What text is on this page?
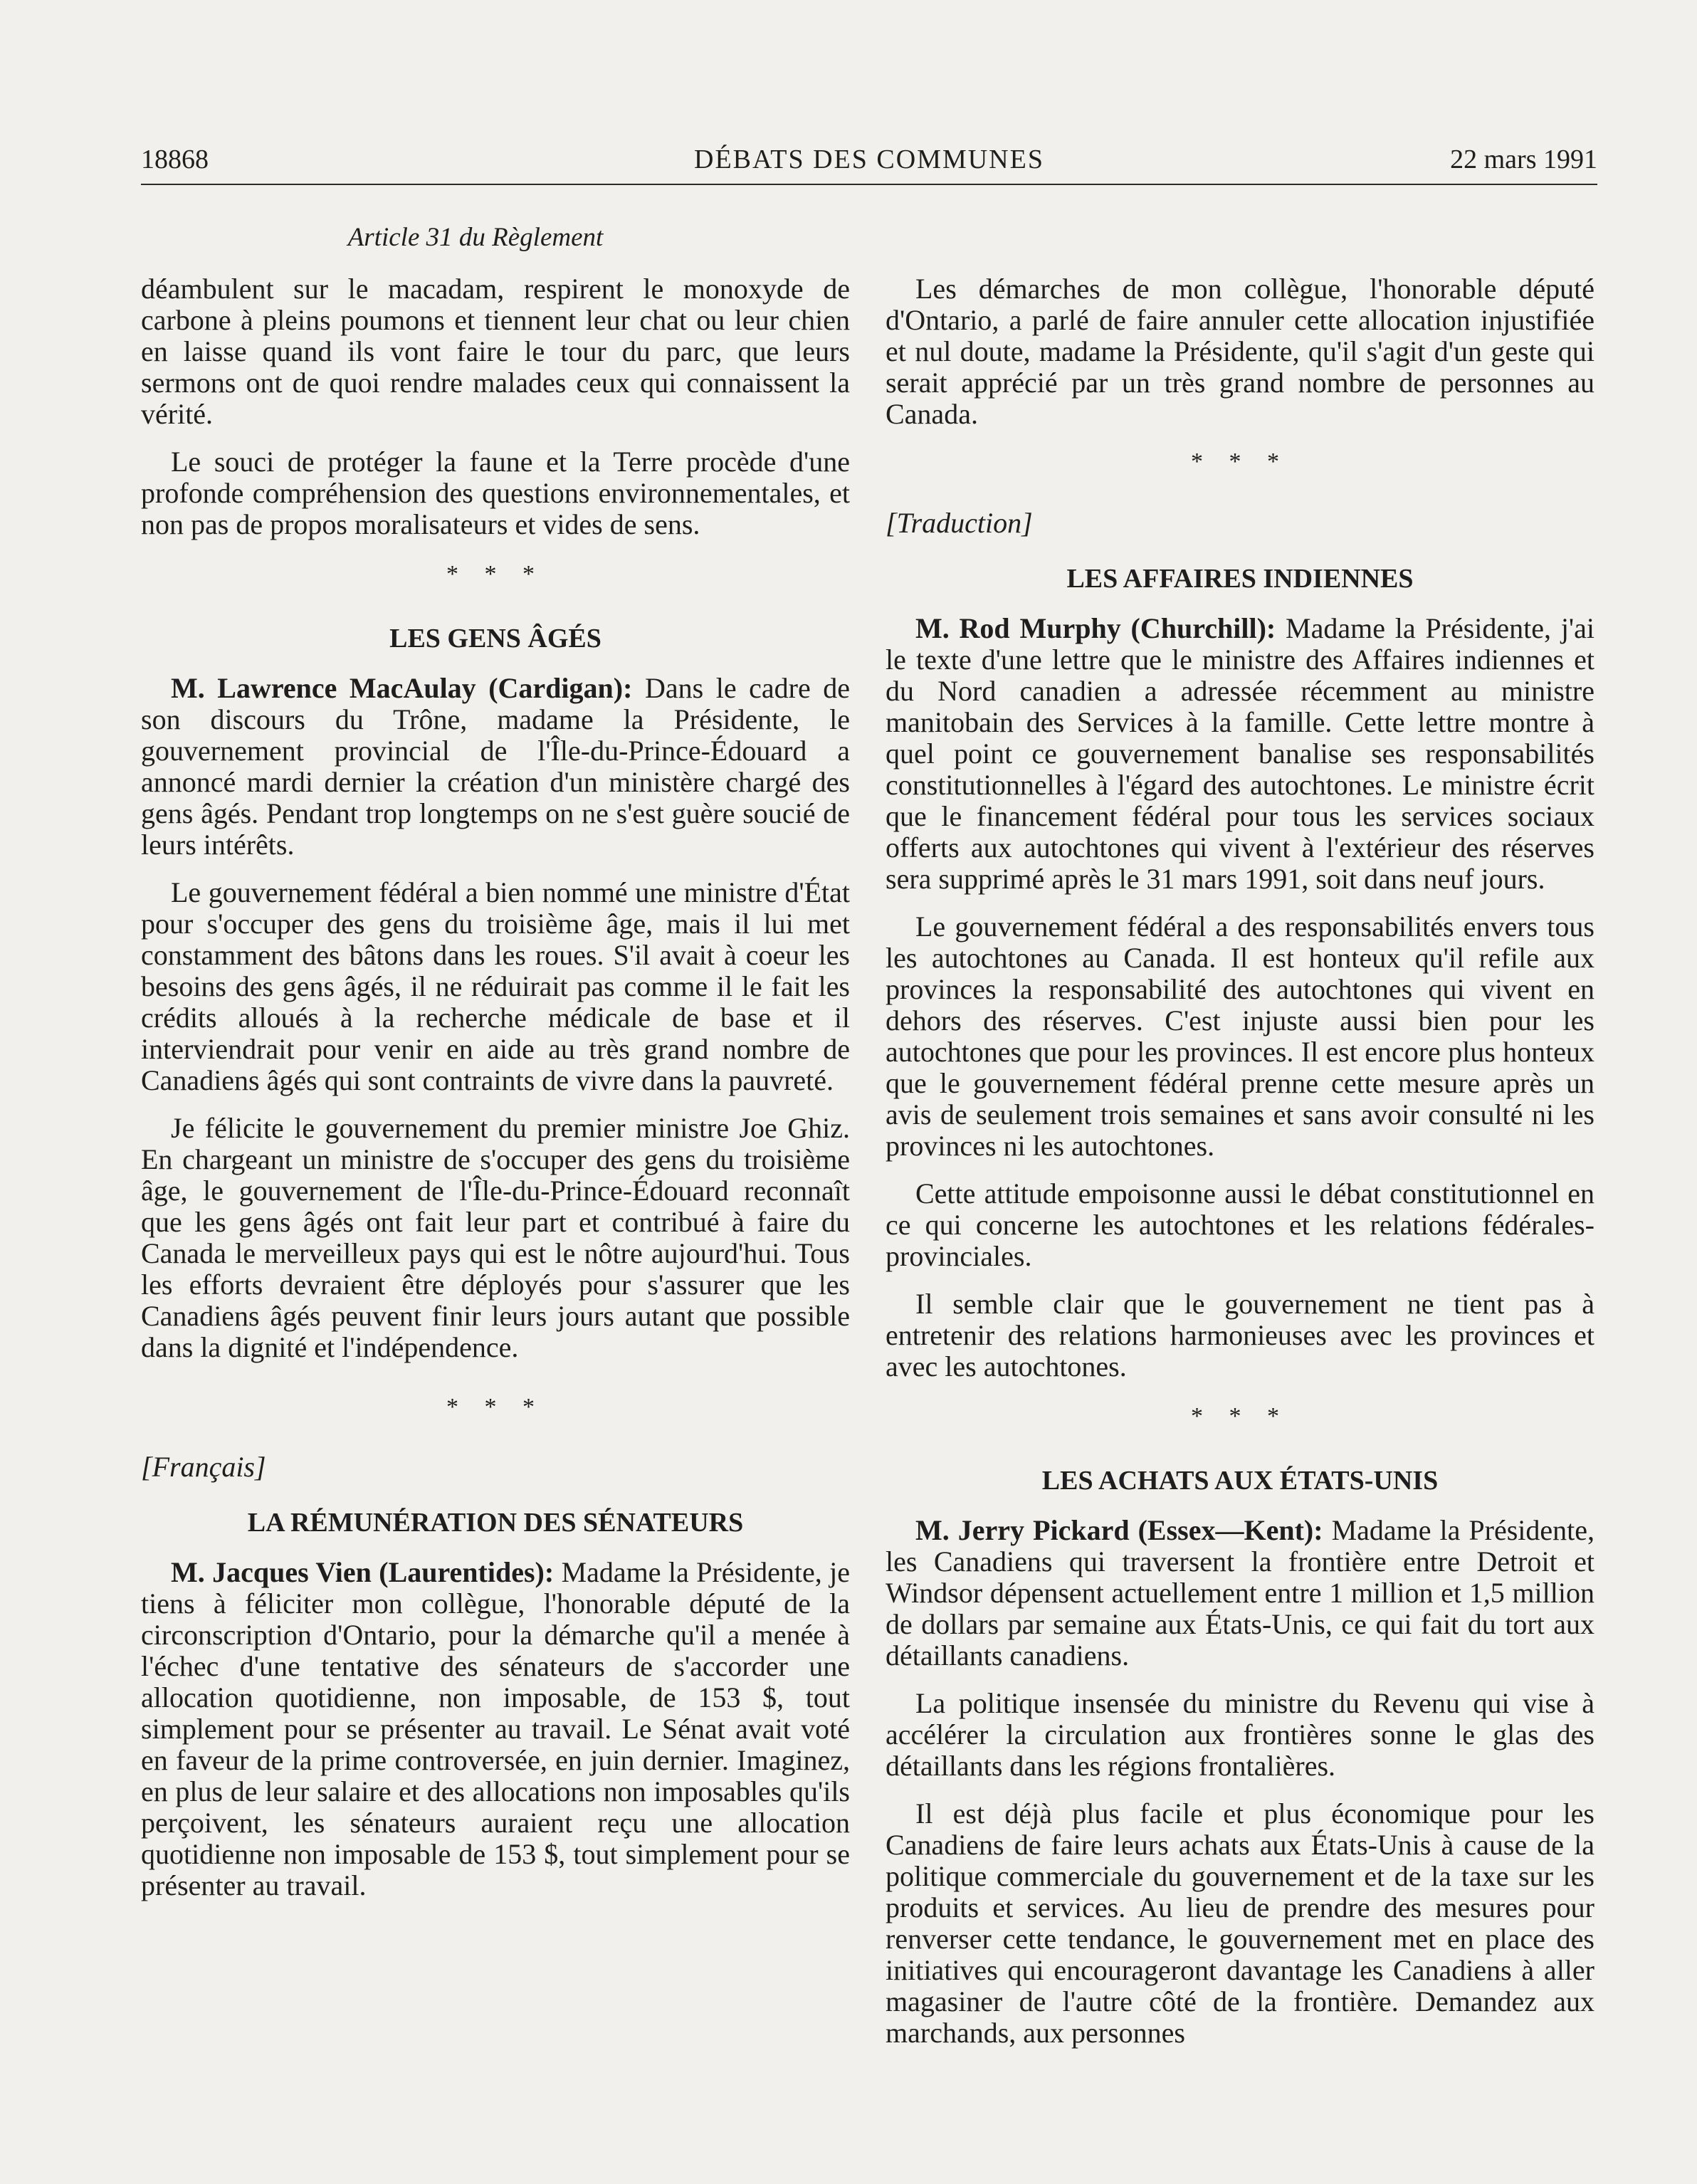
18868	DÉBATS DES COMMUNES	22 mars 1991
Article 31 du Règlement

déambulent sur le macadam, respirent le monoxyde de carbone à pleins poumons et tiennent leur chat ou leur chien en laisse quand ils vont faire le tour du parc, que leurs sermons ont de quoi rendre malades ceux qui connaissent la vérité.

Le souci de protéger la faune et la Terre procède d'une profonde compréhension des questions environnementales, et non pas de propos moralisateurs et vides de sens.

* * *
LES GENS ÂGÉS

M. Lawrence MacAulay (Cardigan): Dans le cadre de son discours du Trône, madame la Présidente, le gouvernement provincial de l'Île-du-Prince-Édouard a annoncé mardi dernier la création d'un ministère chargé des gens âgés. Pendant trop longtemps on ne s'est guère soucié de leurs intérêts.

Le gouvernement fédéral a bien nommé une ministre d'État pour s'occuper des gens du troisième âge, mais il lui met constamment des bâtons dans les roues. S'il avait à coeur les besoins des gens âgés, il ne réduirait pas comme il le fait les crédits alloués à la recherche médicale de base et il interviendrait pour venir en aide au très grand nombre de Canadiens âgés qui sont contraints de vivre dans la pauvreté.

Je félicite le gouvernement du premier ministre Joe Ghiz. En chargeant un ministre de s'occuper des gens du troisième âge, le gouvernement de l'Île-du-Prince-Édouard reconnaît que les gens âgés ont fait leur part et contribué à faire du Canada le merveilleux pays qui est le nôtre aujourd'hui. Tous les efforts devraient être déployés pour s'assurer que les Canadiens âgés peuvent finir leurs jours autant que possible dans la dignité et l'indépendence.

* * *
[Français]
LA RÉMUNÉRATION DES SÉNATEURS

M. Jacques Vien (Laurentides): Madame la Présidente, je tiens à féliciter mon collègue, l'honorable député de la circonscription d'Ontario, pour la démarche qu'il a menée à l'échec d'une tentative des sénateurs de s'accorder une allocation quotidienne, non imposable, de 153 $, tout simplement pour se présenter au travail. Le Sénat avait voté en faveur de la prime controversée, en juin dernier. Imaginez, en plus de leur salaire et des allocations non imposables qu'ils perçoivent, les sénateurs auraient reçu une allocation quotidienne non imposable de 153 $, tout simplement pour se présenter au travail.

Les démarches de mon collègue, l'honorable député d'Ontario, a parlé de faire annuler cette allocation injustifiée et nul doute, madame la Présidente, qu'il s'agit d'un geste qui serait apprécié par un très grand nombre de personnes au Canada.

* * *
[Traduction]
LES AFFAIRES INDIENNES

M. Rod Murphy (Churchill): Madame la Présidente, j'ai le texte d'une lettre que le ministre des Affaires indiennes et du Nord canadien a adressée récemment au ministre manitobain des Services à la famille. Cette lettre montre à quel point ce gouvernement banalise ses responsabilités constitutionnelles à l'égard des autochtones. Le ministre écrit que le financement fédéral pour tous les services sociaux offerts aux autochtones qui vivent à l'extérieur des réserves sera supprimé après le 31 mars 1991, soit dans neuf jours.

Le gouvernement fédéral a des responsabilités envers tous les autochtones au Canada. Il est honteux qu'il refile aux provinces la responsabilité des autochtones qui vivent en dehors des réserves. C'est injuste aussi bien pour les autochtones que pour les provinces. Il est encore plus honteux que le gouvernement fédéral prenne cette mesure après un avis de seulement trois semaines et sans avoir consulté ni les provinces ni les autochtones.

Cette attitude empoisonne aussi le débat constitutionnel en ce qui concerne les autochtones et les relations fédérales-provinciales.

Il semble clair que le gouvernement ne tient pas à entretenir des relations harmonieuses avec les provinces et avec les autochtones.

* * *
LES ACHATS AUX ÉTATS-UNIS

M. Jerry Pickard (Essex—Kent): Madame la Présidente, les Canadiens qui traversent la frontière entre Detroit et Windsor dépensent actuellement entre 1 million et 1,5 million de dollars par semaine aux États-Unis, ce qui fait du tort aux détaillants canadiens.

La politique insensée du ministre du Revenu qui vise à accélérer la circulation aux frontières sonne le glas des détaillants dans les régions frontalières.

Il est déjà plus facile et plus économique pour les Canadiens de faire leurs achats aux États-Unis à cause de la politique commerciale du gouvernement et de la taxe sur les produits et services. Au lieu de prendre des mesures pour renverser cette tendance, le gouvernement met en place des initiatives qui encourageront davantage les Canadiens à aller magasiner de l'autre côté de la frontière. Demandez aux marchands, aux personnes
